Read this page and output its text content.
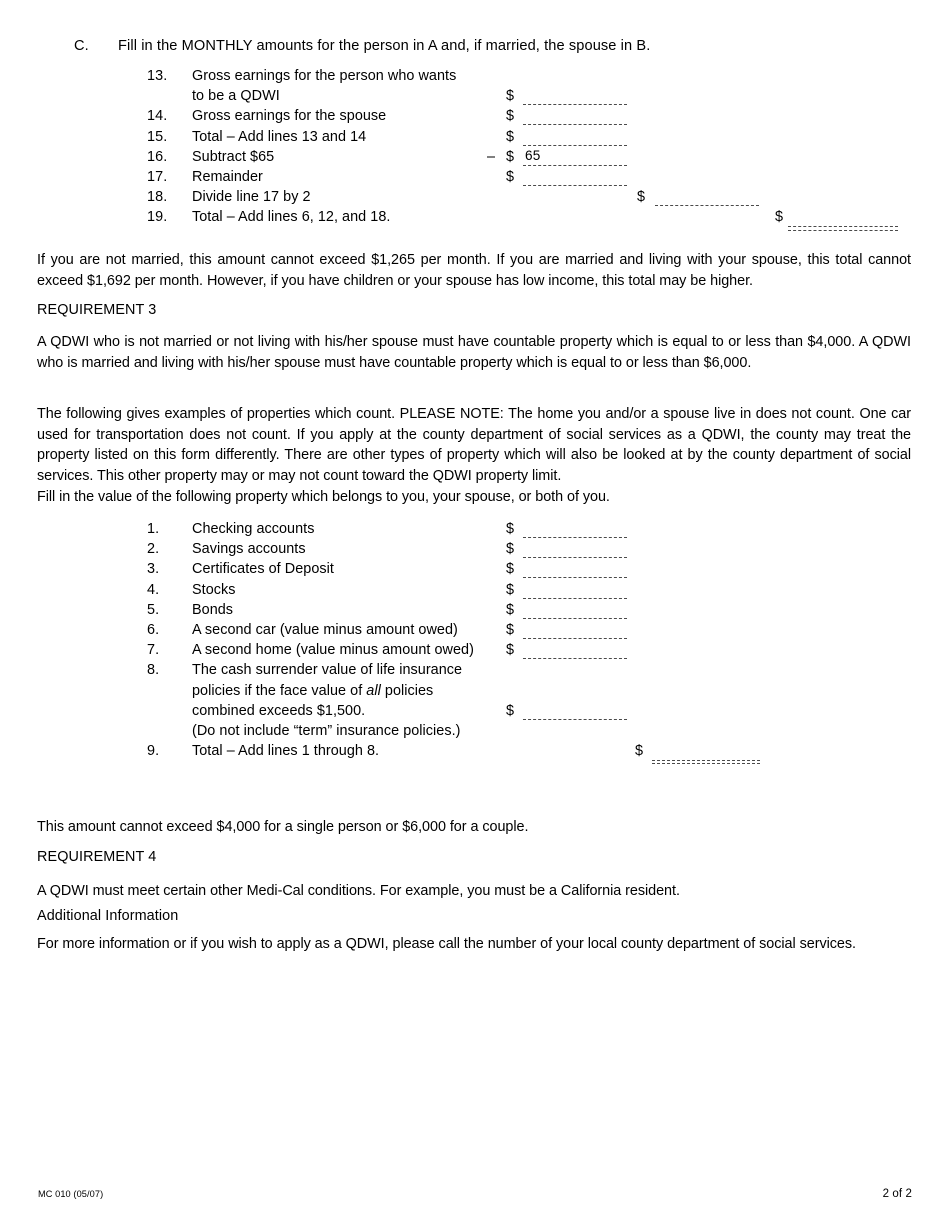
C. Fill in the MONTHLY amounts for the person in A and, if married, the spouse in B.
13.	Gross earnings for the person who wants
to be a QDWI	$
14.	Gross earnings for the spouse	$
15.	Total – Add lines 13 and 14	$
16.	Subtract $65	– $ 65
17.	Remainder	$
18.	Divide line 17 by 2	$
19.	Total – Add lines 6, 12, and 18.	$
If you are not married, this amount cannot exceed $1,265 per month. If you are married and living with your spouse, this total cannot exceed $1,692 per month. However, if you have children or your spouse has low income, this total may be higher.
REQUIREMENT 3
A QDWI who is not married or not living with his/her spouse must have countable property which is equal to or less than $4,000. A QDWI who is married and living with his/her spouse must have countable property which is equal to or less than $6,000.
The following gives examples of properties which count. PLEASE NOTE: The home you and/or a spouse live in does not count. One car used for transportation does not count. If you apply at the county department of social services as a QDWI, the county may treat the property listed on this form differently. There are other types of property which will also be looked at by the county department of social services. This other property may or may not count toward the QDWI property limit.
Fill in the value of the following property which belongs to you, your spouse, or both of you.
1.	Checking accounts	$
2.	Savings accounts	$
3.	Certificates of Deposit	$
4.	Stocks	$
5.	Bonds	$
6.	A second car (value minus amount owed)	$
7.	A second home (value minus amount owed) $
8.	The cash surrender value of life insurance
policies if the face value of all policies
combined exceeds $1,500.	$
(Do not include “term” insurance policies.)
9.	Total – Add lines 1 through 8.	$
This amount cannot exceed $4,000 for a single person or $6,000 for a couple.
REQUIREMENT 4
A QDWI must meet certain other Medi-Cal conditions. For example, you must be a California resident.
Additional Information
For more information or if you wish to apply as a QDWI, please call the number of your local county department of social services.
MC 010 (05/07)	2 of 2
